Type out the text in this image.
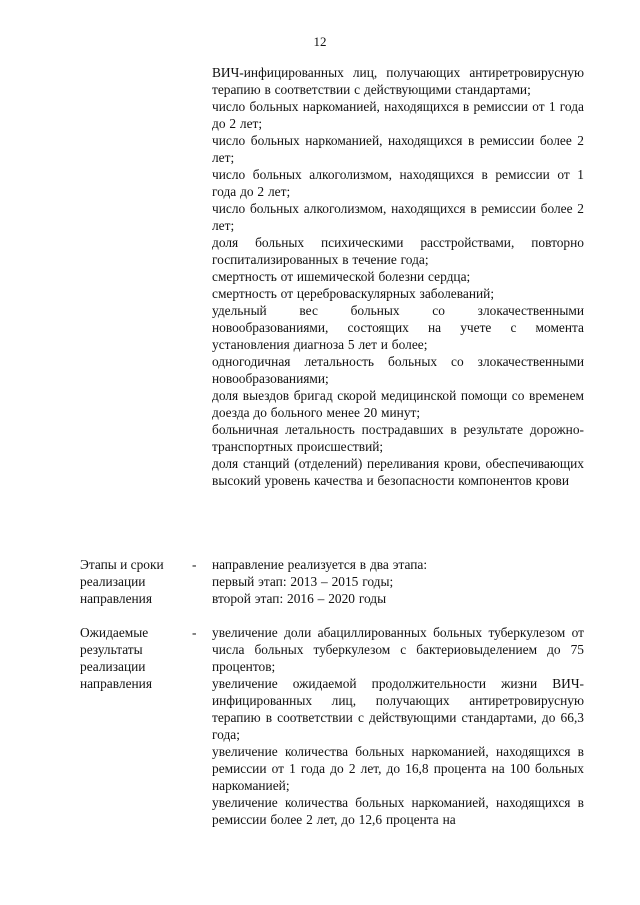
12

ВИЧ-инфицированных лиц, получающих антиретровирусную терапию в соответствии с действующими стандартами;

число больных наркоманией, находящихся в ремиссии от 1 года до 2 лет;

число больных наркоманией, находящихся в ремиссии более 2 лет;

число больных алкоголизмом, находящихся в ремиссии от 1 года до 2 лет;

число больных алкоголизмом, находящихся в ремиссии более 2 лет;

доля больных психическими расстройствами, повторно госпитализированных в течение года;

смертность от ишемической болезни сердца;

смертность от цереброваскулярных заболеваний;

удельный вес больных со злокачественными новообразованиями, состоящих на учете с момента установления диагноза 5 лет и более;

одногодичная летальность больных со злокачественными новообразованиями;

доля выездов бригад скорой медицинской помощи со временем доезда до больного менее 20 минут;

больничная летальность пострадавших в результате дорожно-транспортных происшествий;

доля станций (отделений) переливания крови, обеспечивающих высокий уровень качества и безопасности компонентов крови

Этапы и сроки реализации направления
- направление реализуется в два этапа:

первый этап: 2013 – 2015 годы;

второй этап: 2016 – 2020 годы

Ожидаемые результаты реализации направления
- увеличение доли абациллированных больных туберкулезом от числа больных туберкулезом с бактериовыделением до 75 процентов;

увеличение ожидаемой продолжительности жизни ВИЧ-инфицированных лиц, получающих антиретровирусную терапию в соответствии с действующими стандартами, до 66,3 года;

увеличение количества больных наркоманией, находящихся в ремиссии от 1 года до 2 лет, до 16,8 процента на 100 больных наркоманией;

увеличение количества больных наркоманией, находящихся в ремиссии более 2 лет, до 12,6 процента на
